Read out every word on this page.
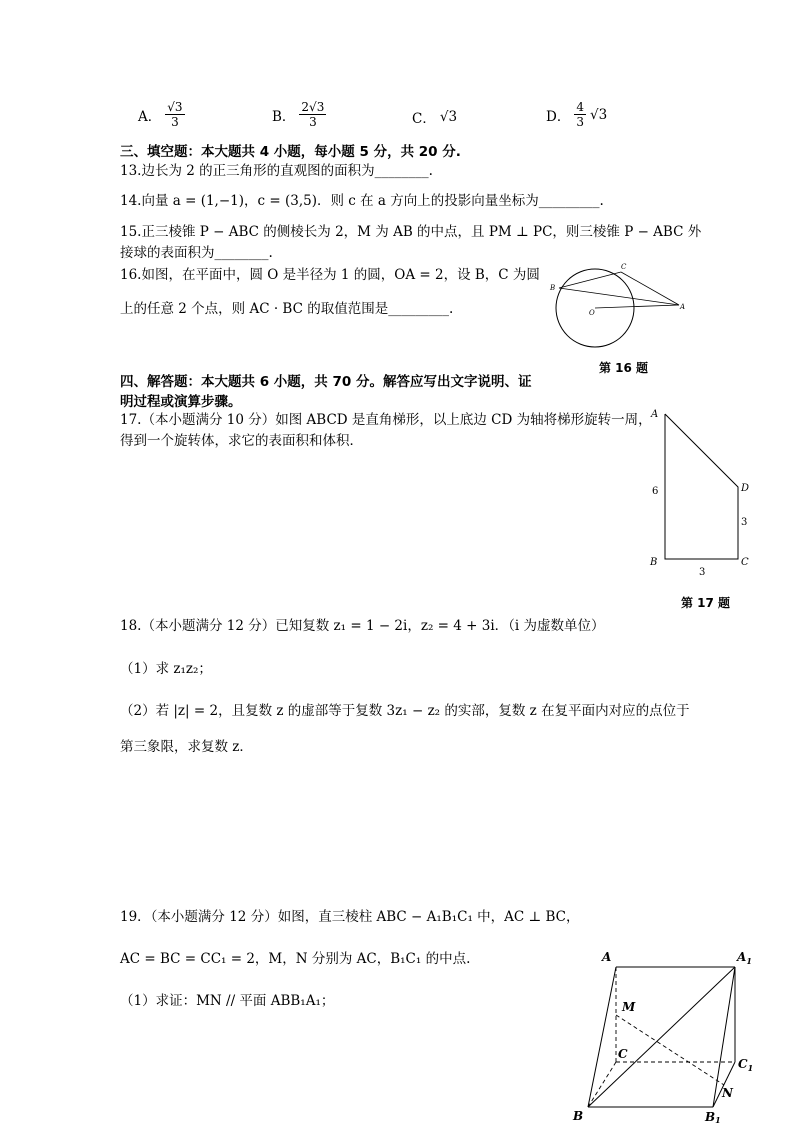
A． $\frac{√3}{3}$	B． $\frac{2√3}{3}$	C． √3	D． $\frac{4}{3} √3$
三、填空题：本大题共 4 小题，每小题 5 分，共 20 分.
13.边长为 2 的正三角形的直观图的面积为________.
14.向量 a = (1,−1)，c = (3,5)．则 c 在 a 方向上的投影向量坐标为_________.
15.正三棱锥 P − ABC 的侧棱长为 2，M 为 AB 的中点，且 PM ⊥ PC，则三棱锥 P − ABC 外
接球的表面积为________.
16.如图，在平面中，圆 O 是半径为 1 的圆，OA = 2，设 B，C 为圆
上的任意 2 个点，则 AC · BC 的取值范围是_________.
B
C
O
A
第 16 题
四、解答题：本大题共 6 小题，共 70 分。解答应写出文字说明、证
明过程或演算步骤。
17.（本小题满分 10 分）如图 ABCD 是直角梯形，以上底边 CD 为轴将梯形旋转一周，
得到一个旋转体，求它的表面积和体积．
A
D
B	C
6
3
3
第 17 题
18.（本小题满分 12 分）已知复数 z₁ = 1 − 2i，z₂ = 4 + 3i．（i 为虚数单位）
（1）求 z₁z₂；
（2）若 |z| = 2，且复数 z 的虚部等于复数 3z₁ − z₂ 的实部，复数 z 在复平面内对应的点位于
第三象限，求复数 z．
19．（本小题满分 12 分）如图，直三棱柱 ABC − A₁B₁C₁ 中，AC ⊥ BC，
AC = BC = CC₁ = 2，M，N 分别为 AC，B₁C₁ 的中点.
（1）求证：MN // 平面 ABB₁A₁；
A	$A_1$
M
C
$C_1$
N
B	B1
